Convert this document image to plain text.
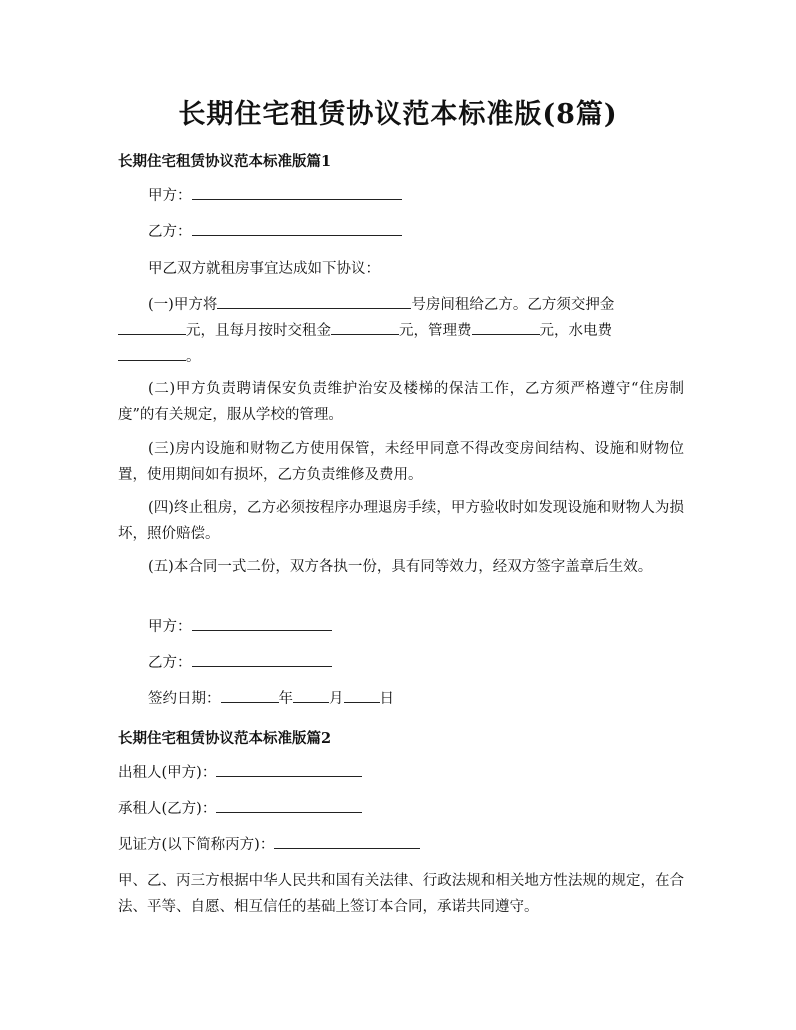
长期住宅租赁协议范本标准版(8篇)
长期住宅租赁协议范本标准版篇1
甲方：
乙方：
甲乙双方就租房事宜达成如下协议：
(一)甲方将	号房间租给乙方。乙方须交押金
元，且每月按时交租金	元，管理费	元，水电费
。
(二)甲方负责聘请保安负责维护治安及楼梯的保洁工作，乙方须严格遵守“住房制度”的有关规定，服从学校的管理。
(三)房内设施和财物乙方使用保管，未经甲同意不得改变房间结构、设施和财物位置，使用期间如有损坏，乙方负责维修及费用。
(四)终止租房，乙方必须按程序办理退房手续，甲方验收时如发现设施和财物人为损坏，照价赔偿。
(五)本合同一式二份，双方各执一份，具有同等效力，经双方签字盖章后生效。
甲方：
乙方：
签约日期：	年 月 日
长期住宅租赁协议范本标准版篇2
出租人(甲方)：
承租人(乙方)：
见证方(以下简称丙方)：
甲、乙、丙三方根据中华人民共和国有关法律、行政法规和相关地方性法规的规定，在合法、平等、自愿、相互信任的基础上签订本合同，承诺共同遵守。
